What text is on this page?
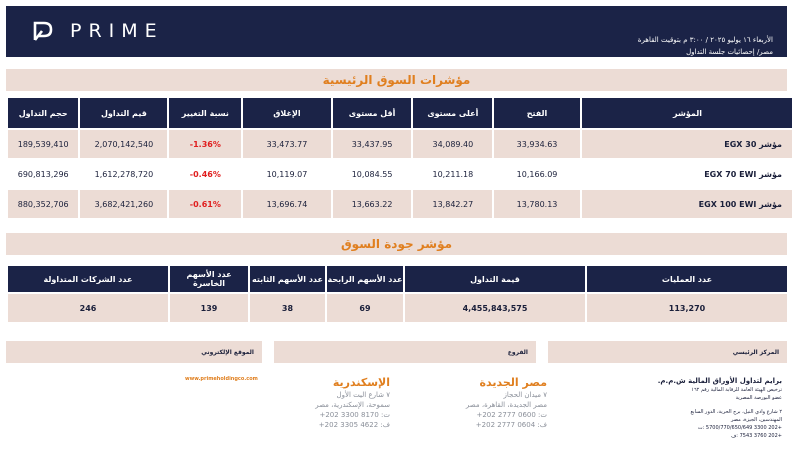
PRIME	الأربعاء ١٦ يوليو ٢٠٢٥ / ٣:٠٠ م بتوقيت القاهرة
مصر/ إحصائيات جلسة التداول
مؤشرات السوق الرئيسية
حجم التداول	قيم التداول	نسبة التغيير	الإغلاق	أقل مستوى	أعلى مستوى	الفتح	المؤشر
189,539,410	2,070,142,540	-1.36%	33,473.77	33,437.95	34,089.40	33,934.63	مؤشر EGX 30
690,813,296	1,612,278,720	-0.46%	10,119.07	10,084.55	10,211.18	10,166.09	مؤشر EGX 70 EWI
880,352,706	3,682,421,260	-0.61%	13,696.74	13,663.22	13,842.27	13,780.13	مؤشر EGX 100 EWI
مؤشر جودة السوق
عدد الشركات المتداولة	عدد الأسهم الخاسرة	عدد الأسهم الثابته	عدد الأسهم الرابحة	قيمة التداول	عدد العمليات
246	139	38	69	4,455,843,575	113,270
الموقع الإلكتروني	الفروع	المركز الرئيسي
www.primeholdingco.com	الإسكندرية
٧ شارع اليت الأول
سموحة، الإسكندرية، مصر
ت: 8170 3300 202+
ف: 4622 3305 202+
مصر الجديدة
٧ ميدان الحجاز
مصر الجديدة، القاهرة، مصر
ت: 0600 2777 202+
ف: 0604 2777 202+
برايم لتداول الأوراق المالية ش.م.م.
ترخيص الهيئة العامة للرقابة المالية رقم ١٦٢
عضو البورصة المصرية
٢ شارع وادي النيل، برج الحرية، الدور السابع
المهندسين، الجيزة، مصر
+202 3300 5700/770/650/649 :ت
+202 3760 7543 :ف
